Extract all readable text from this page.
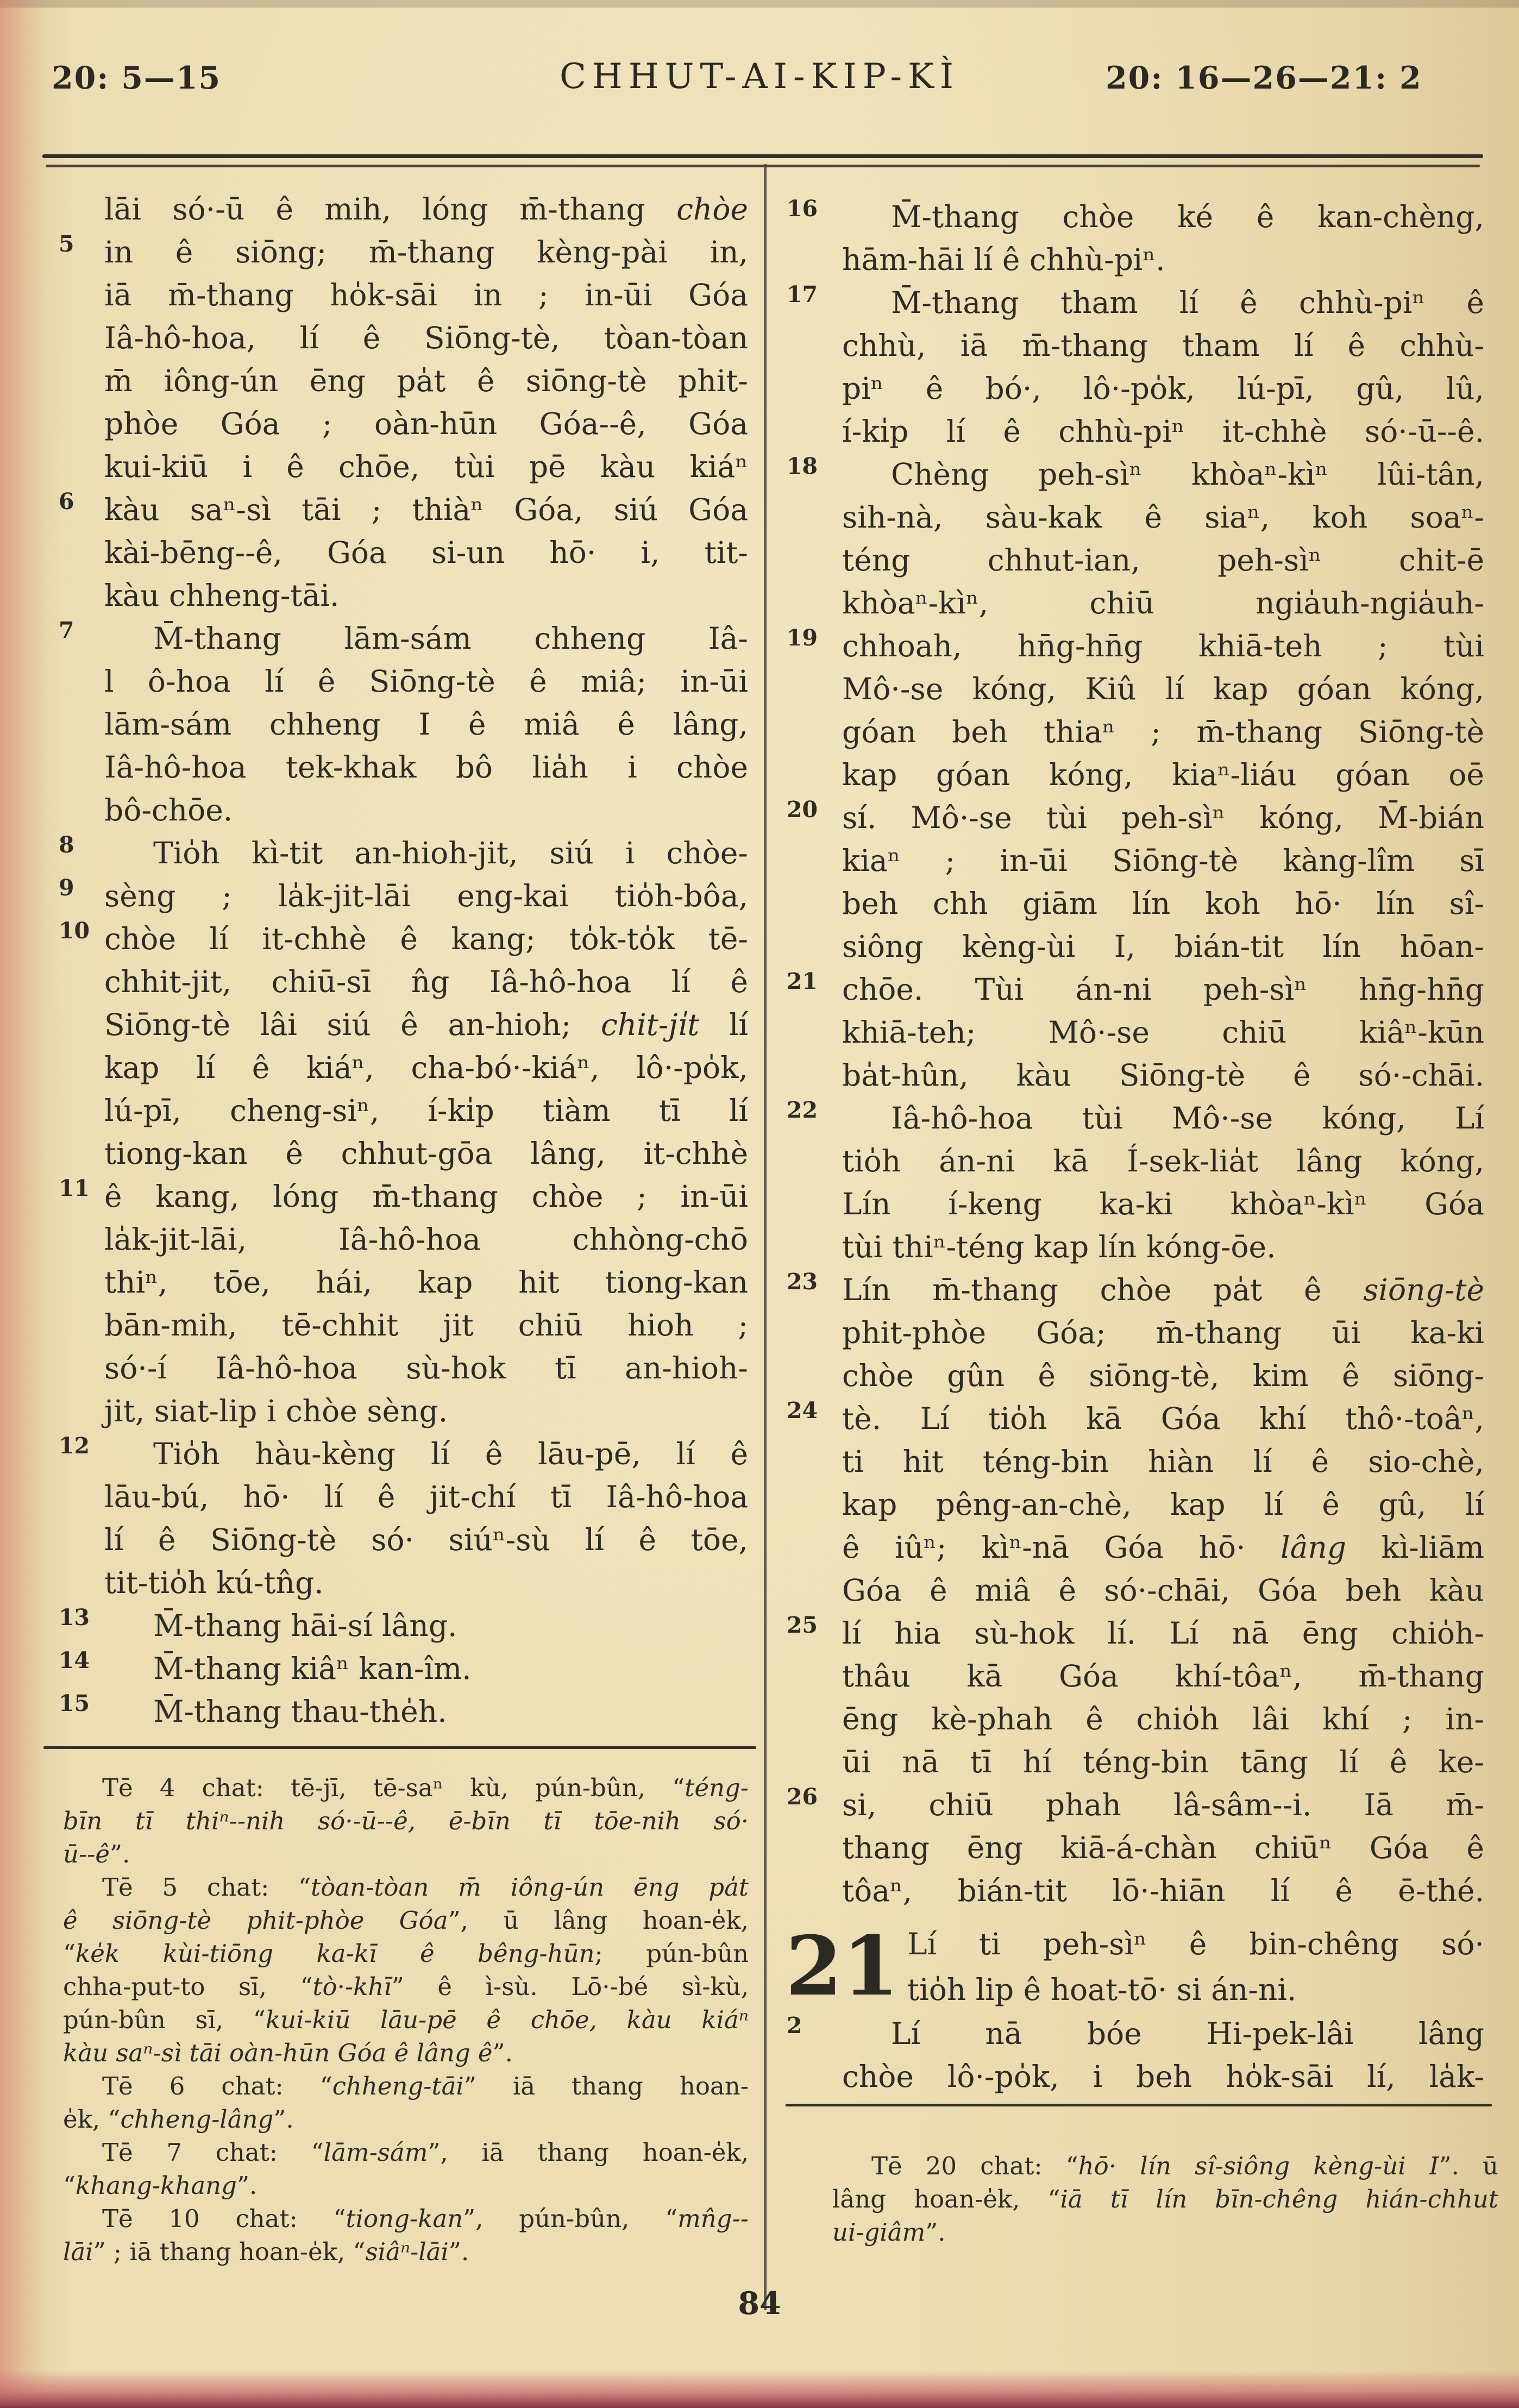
20: 5—15	CHHUT-AI-KIP-KÌ	20: 16—26—21: 2
lāi só·-ū ê mih, lóng m̄-thang chòe
5 in ê siōng; m̄-thang kèng-pài in,
iā m̄-thang ho̍k-sāi in ; in-ūi Góa
Iâ-hô-hoa, lí ê Siōng-tè, tòan-tòan
m̄ iông-ún ēng pa̍t ê siōng-tè phit-
phòe Góa ; oàn-hūn Góa--ê, Góa
kui-kiū i ê chōe, tùi pē kàu kiáⁿ
6 kàu saⁿ-sì tāi ; thiàⁿ Góa, siú Góa
kài-bēng--ê, Góa si-un hō· i, tit-
kàu chheng-tāi.
7	M̄-thang lām-sám chheng Iâ-
l ô-hoa lí ê Siōng-tè ê miâ; in-ūi
lām-sám chheng I ê miâ ê lâng,
Iâ-hô-hoa tek-khak bô lia̍h i chòe
bô-chōe.
8	Tio̍h kì-tit an-hioh-jit, siú i chòe-
9 sèng ; la̍k-jit-lāi eng-kai tio̍h-bôa,
10 chòe lí it-chhè ê kang; to̍k-to̍k tē-
chhit-jit, chiū-sī n̂g Iâ-hô-hoa lí ê
Siōng-tè lâi siú ê an-hioh; chit-ji̍t lí
kap lí ê kiáⁿ, cha-bó·-kiáⁿ, lô·-po̍k,
lú-pī, cheng-siⁿ, í-ki̍p tiàm tī lí
tiong-kan ê chhut-gōa lâng, it-chhè
11 ê kang, lóng m̄-thang chòe ; in-ūi
la̍k-jit-lāi, Iâ-hô-hoa chhòng-chō
thiⁿ, tōe, hái, kap hit tiong-kan
bān-mih, tē-chhit jit chiū hioh ;
só·-í Iâ-hô-hoa sù-hok tī an-hioh-
jit, siat-lip i chòe sèng.
12 Tio̍h hàu-kèng lí ê lāu-pē, lí ê
lāu-bú, hō· lí ê jit-chí tī Iâ-hô-hoa
lí ê Siōng-tè só· siúⁿ-sù lí ê tōe,
tit-tio̍h kú-tn̂g.
13 M̄-thang hāi-sí lâng.
14 M̄-thang kiâⁿ kan-îm.
15 M̄-thang thau-the̍h.
Tē 4 chat: tē-jī, tē-saⁿ kù, pún-bûn, “téng-
bīn tī thiⁿ--nih só·-ū--ê, ē-bīn tī tōe-nih só·
ū--ê”.
Tē 5 chat: “tòan-tòan m̄ iông-ún ēng pa̍t
ê siōng-tè phit-phòe Góa”, ū lâng hoan-e̍k,
“ke̍k kùi-tiōng ka-kī ê bêng-hūn; pún-bûn
chha-put-to sī, “tò·-khī” ê ì-sù. Lō·-bé sì-kù,
pún-bûn sī, “kui-kiū lāu-pē ê chōe, kàu kiáⁿ
kàu saⁿ-sì tāi oàn-hūn Góa ê lâng ê”.
Tē 6 chat: “chheng-tāi” iā thang hoan-
e̍k, “chheng-lâng”.
Tē 7 chat: “lām-sám”, iā thang hoan-e̍k,
“khang-khang”.
Tē 10 chat: “tiong-kan”, pún-bûn, “mn̂g--
lāi” ; iā thang hoan-e̍k, “siâⁿ-lāi”.
16 M̄-thang chòe ké ê kan-chèng,
hām-hāi lí ê chhù-piⁿ.
17 M̄-thang tham lí ê chhù-piⁿ ê
chhù, iā m̄-thang tham lí ê chhù-
piⁿ ê bó·, lô·-po̍k, lú-pī, gû, lû,
í-ki̍p lí ê chhù-piⁿ it-chhè só·-ū--ê.
18 Chèng peh-sìⁿ khòaⁿ-kìⁿ lûi-tân,
sih-nà, sàu-kak ê siaⁿ, koh soaⁿ-
téng chhut-ian, peh-sìⁿ chit-ē
khòaⁿ-kìⁿ, chiū ngia̍uh-ngia̍uh-
19 chhoah, hn̄g-hn̄g khiā-teh ; tùi
Mô·-se kóng, Kiû lí kap góan kóng,
góan beh thiaⁿ ; m̄-thang Siōng-tè
kap góan kóng, kiaⁿ-liáu góan oē
20 sí. Mô·-se tùi peh-sìⁿ kóng, M̄-bián
kiaⁿ ; in-ūi Siōng-tè kàng-lîm sī
beh chh giām lín koh hō· lín sî-
siông kèng-ùi I, bián-tit lín hōan-
21 chōe. Tùi án-ni peh-sìⁿ hn̄g-hn̄g
khiā-teh; Mô·-se chiū kiâⁿ-kūn
ba̍t-hûn, kàu Siōng-tè ê só·-chāi.
22 Iâ-hô-hoa tùi Mô·-se kóng, Lí
tio̍h án-ni kā Í-sek-lia̍t lâng kóng,
Lín í-keng ka-ki khòaⁿ-kìⁿ Góa
tùi thiⁿ-téng kap lín kóng-ōe.
23 Lín m̄-thang chòe pa̍t ê siōng-tè
phit-phòe Góa; m̄-thang ūi ka-ki
chòe gûn ê siōng-tè, kim ê siōng-
24 tè. Lí tio̍h kā Góa khí thô·-toâⁿ,
ti hit téng-bin hiàn lí ê sio-chè,
kap pêng-an-chè, kap lí ê gû, lí
ê iûⁿ; kìⁿ-nā Góa hō· lâng kì-liām
Góa ê miâ ê só·-chāi, Góa beh kàu
25 lí hia sù-hok lí. Lí nā ēng chio̍h-
thâu kā Góa khí-tôaⁿ, m̄-thang
ēng kè-phah ê chio̍h lâi khí ; in-
ūi nā tī hí téng-bin tāng lí ê ke-
26 si, chiū phah lâ-sâm--i. Iā m̄-
thang ēng kiā-á-chàn chiūⁿ Góa ê
tôaⁿ, bián-tit lō·-hiān lí ê ē-thé.
21 Lí ti peh-sìⁿ ê bin-chêng só·
tio̍h lip ê hoat-tō· si án-ni.
2	Lí nā bóe Hi-pek-lâi lâng
chòe lô·-po̍k, i beh ho̍k-sāi lí, la̍k-
Tē 20 chat: “hō· lín sî-siông kèng-ùi I”. ū
lâng hoan-e̍k, “iā tī lín bīn-chêng hián-chhut
ui-giâm”.
84
